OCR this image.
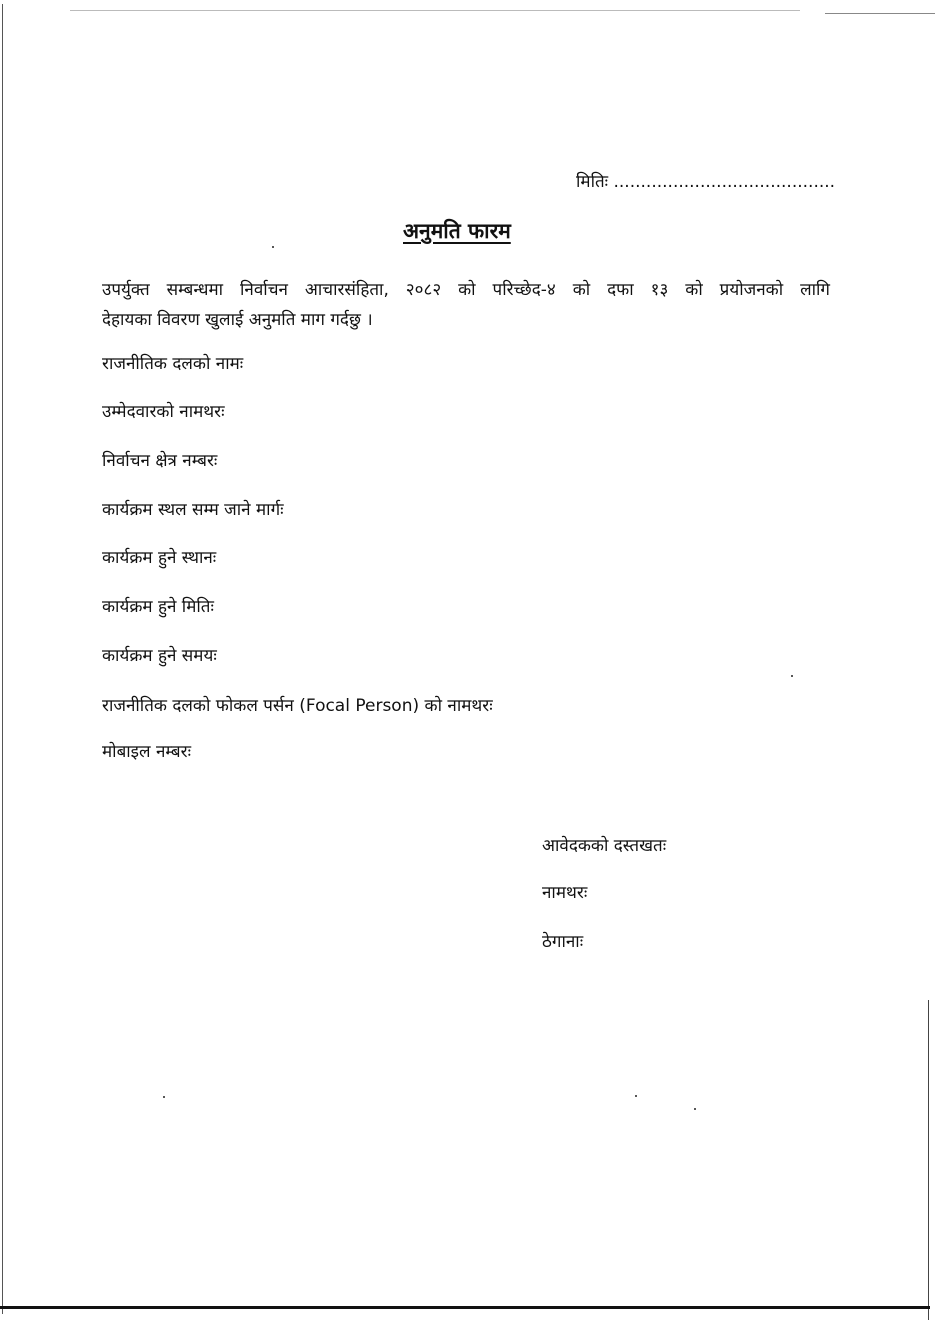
मितिः .........................................
अनुमति फारम
उपर्युक्त सम्बन्धमा निर्वाचन आचारसंहिता, २०८२ को परिच्छेद-४ को दफा १३ को प्रयोजनको लागि
देहायका विवरण खुलाई अनुमति माग गर्दछु ।
राजनीतिक दलको नामः
उम्मेदवारको नामथरः
निर्वाचन क्षेत्र नम्बरः
कार्यक्रम स्थल सम्म जाने मार्गः
कार्यक्रम हुने स्थानः
कार्यक्रम हुने मितिः
कार्यक्रम हुने समयः
राजनीतिक दलको फोकल पर्सन (Focal Person) को नामथरः
मोबाइल नम्बरः
आवेदकको दस्तखतः
नामथरः
ठेगानाः
